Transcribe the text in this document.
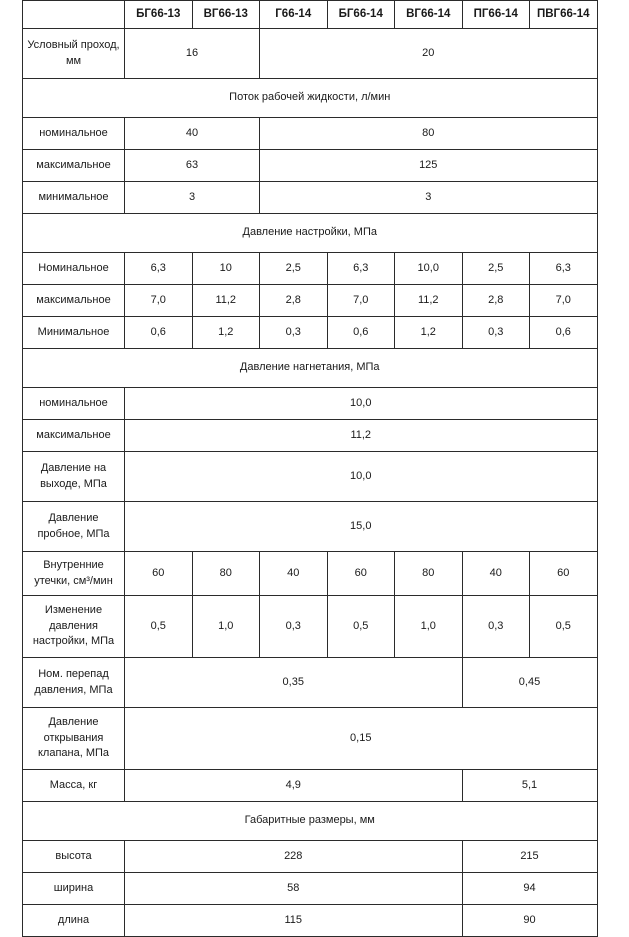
	БГ66-13	ВГ66-13	Г66-14	БГ66-14	ВГ66-14	ПГ66-14	ПВГ66-14
Условный проход, мм	16		20				
Поток рабочей жидкости, л/мин							
номинальное	40		80				
максимальное	63		125				
минимальное	3		3				
Давление настройки, МПа							
Номинальное	6,3	10	2,5	6,3	10,0	2,5	6,3
максимальное	7,0	11,2	2,8	7,0	11,2	2,8	7,0
Минимальное	0,6	1,2	0,3	0,6	1,2	0,3	0,6
Давление нагнетания, МПа							
номинальное	10,0						
максимальное	11,2						
Давление на выходе, МПа	10,0						
Давление пробное, МПа	15,0						
Внутренние утечки, см³/мин	60	80	40	60	80	40	60
Изменение давления настройки, МПа	0,5	1,0	0,3	0,5	1,0	0,3	0,5
Ном. перепад давления, МПа	0,35					0,45	
Давление открывания клапана, МПа	0,15						
Масса, кг	4,9					5,1	
Габаритные размеры, мм							
высота	228					215	
ширина	58					94	
длина	115					90	
